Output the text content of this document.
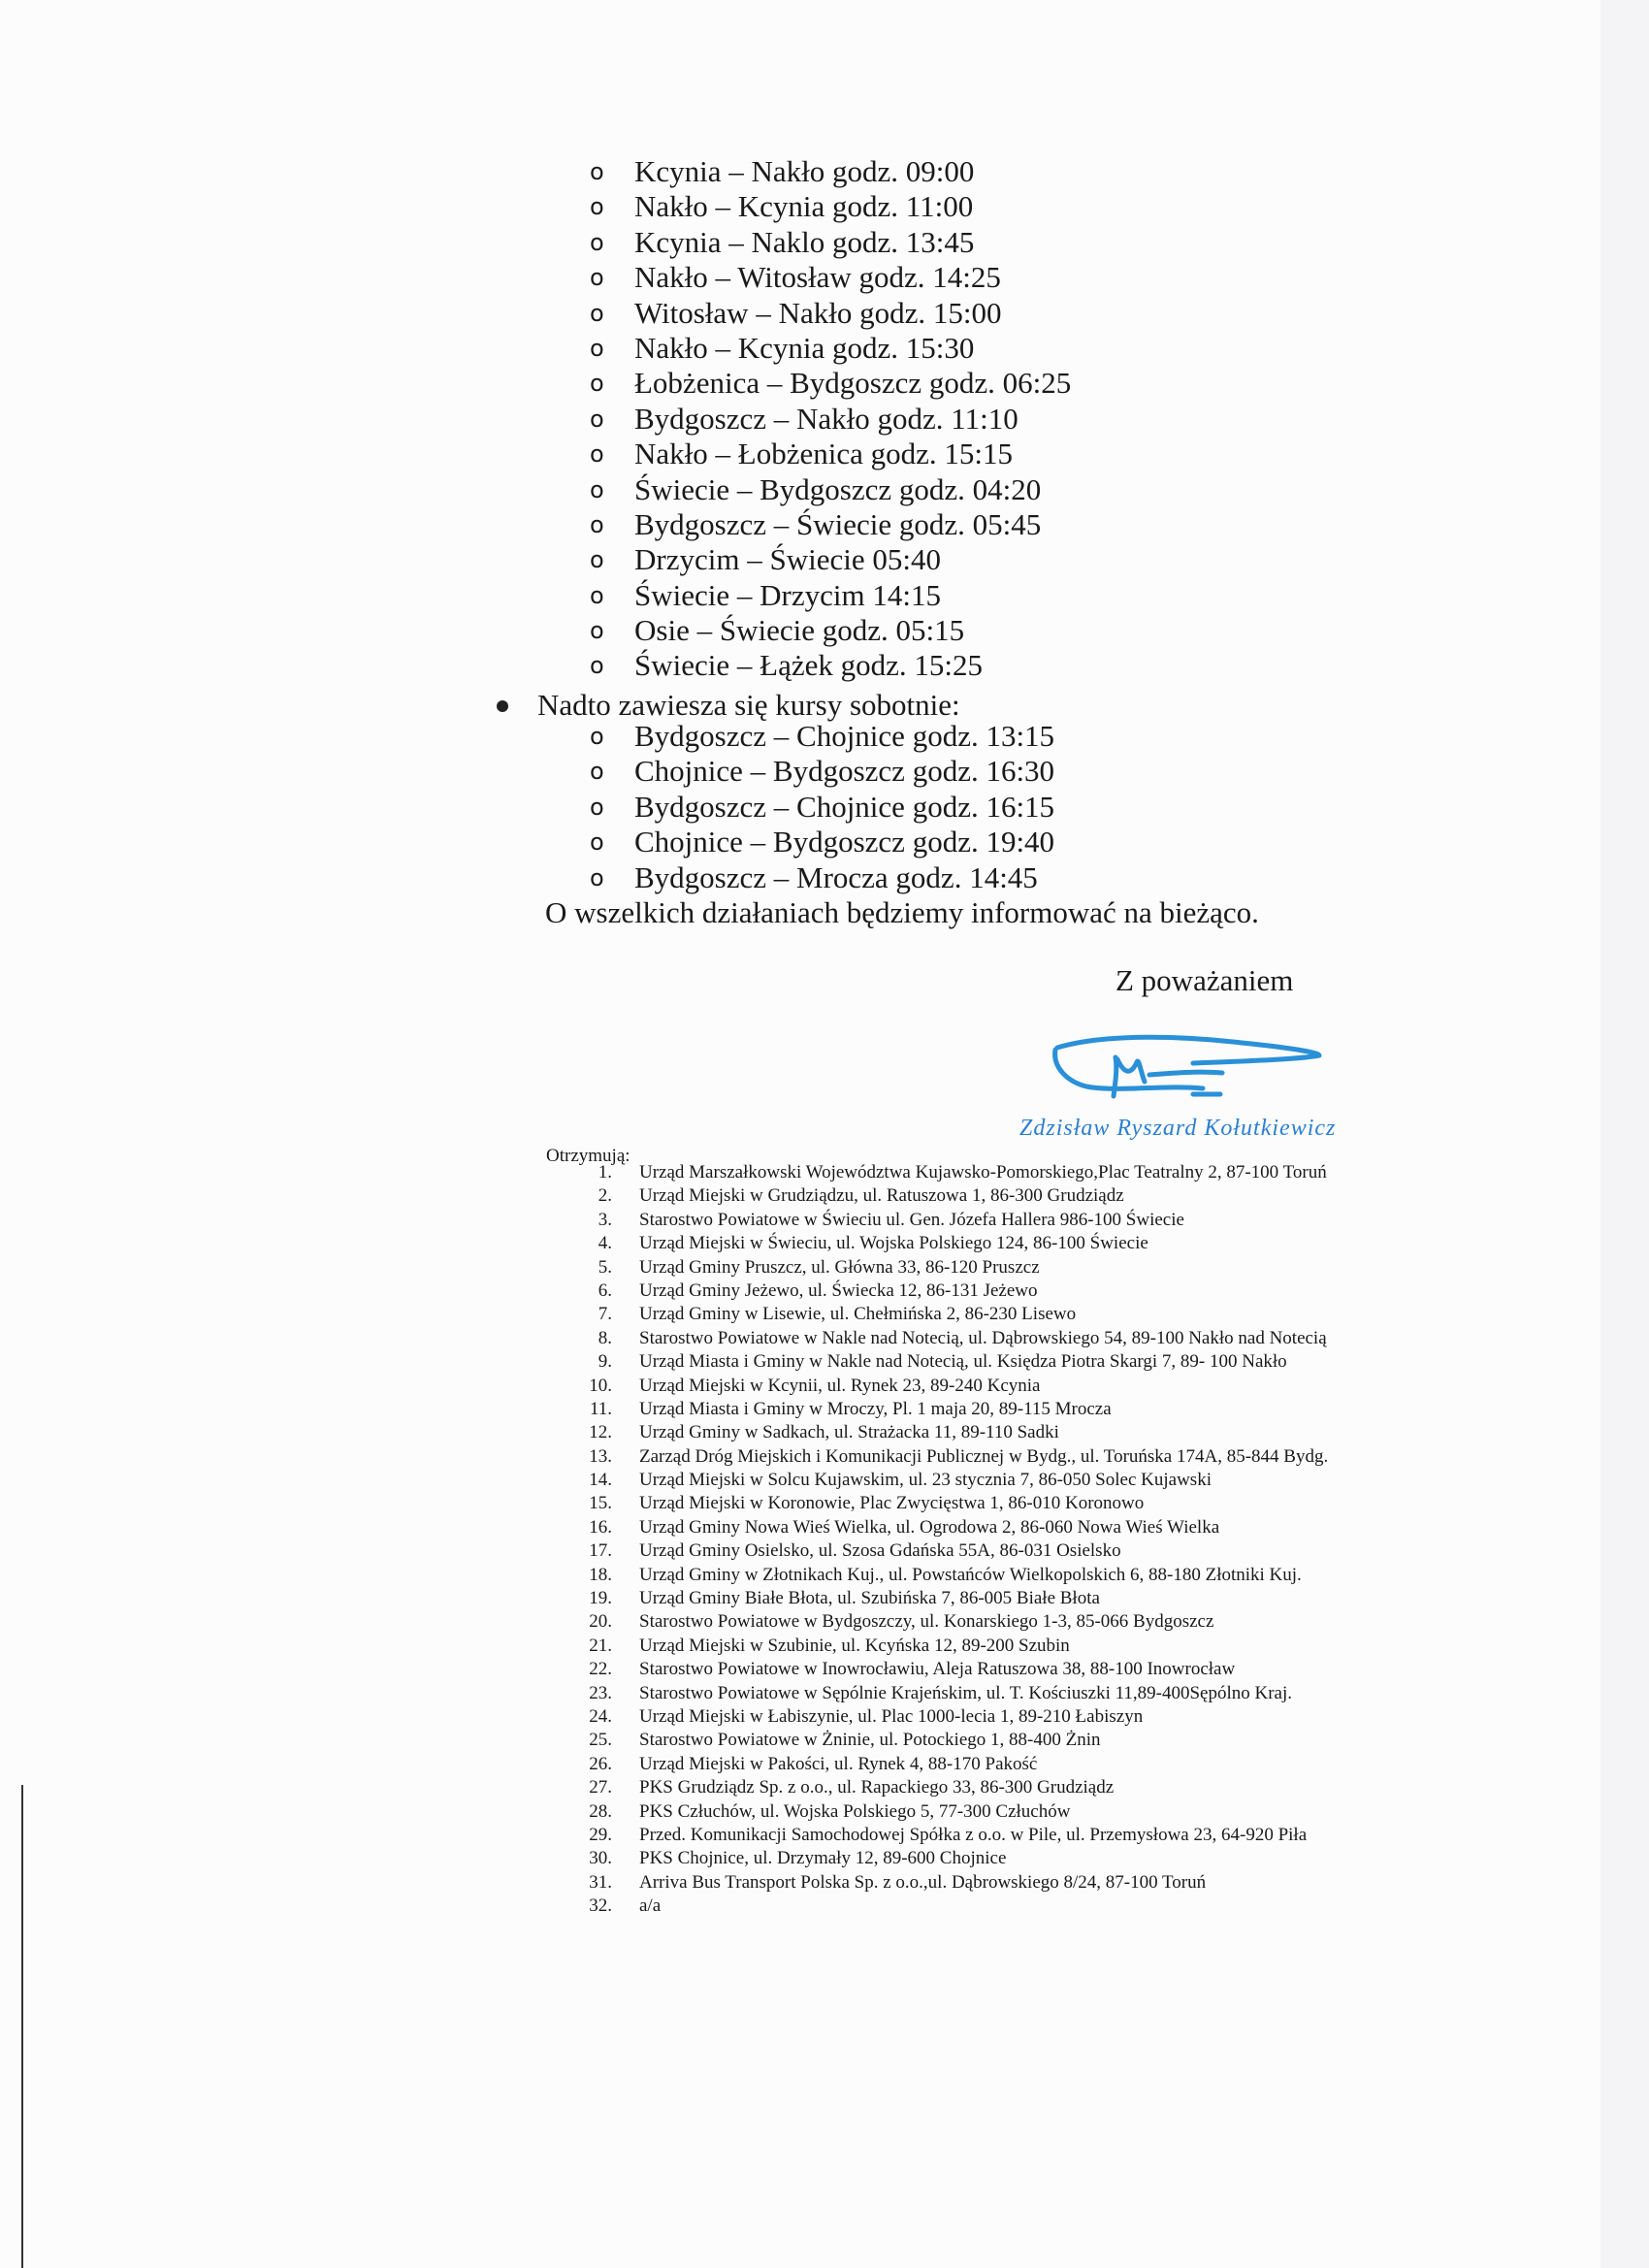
o Kcynia – Nakło godz. 09:00
o Nakło – Kcynia godz. 11:00
o Kcynia – Naklo godz. 13:45
o Nakło – Witosław godz. 14:25
o Witosław – Nakło godz. 15:00
o Nakło – Kcynia godz. 15:30
o Łobżenica – Bydgoszcz godz. 06:25
o Bydgoszcz – Nakło godz. 11:10
o Nakło – Łobżenica godz. 15:15
o Świecie – Bydgoszcz godz. 04:20
o Bydgoszcz – Świecie godz. 05:45
o Drzycim – Świecie 05:40
o Świecie – Drzycim 14:15
o Osie – Świecie godz. 05:15
o Świecie – Łążek godz. 15:25
Nadto zawiesza się kursy sobotnie:
o Bydgoszcz – Chojnice godz. 13:15
o Chojnice – Bydgoszcz godz. 16:30
o Bydgoszcz – Chojnice godz. 16:15
o Chojnice – Bydgoszcz godz. 19:40
o Bydgoszcz – Mrocza godz. 14:45
O wszelkich działaniach będziemy informować na bieżąco.
Z poważaniem
Zdzisław Ryszard Kołutkiewicz
Otrzymują:
1. Urząd Marszałkowski Województwa Kujawsko-Pomorskiego,Plac Teatralny 2, 87-100 Toruń
2. Urząd Miejski w Grudziądzu, ul. Ratuszowa 1, 86-300 Grudziądz
3. Starostwo Powiatowe w Świeciu ul. Gen. Józefa Hallera 986-100 Świecie
4. Urząd Miejski w Świeciu, ul. Wojska Polskiego 124, 86-100 Świecie
5. Urząd Gminy Pruszcz, ul. Główna 33, 86-120 Pruszcz
6. Urząd Gminy Jeżewo, ul. Świecka 12, 86-131 Jeżewo
7. Urząd Gminy w Lisewie, ul. Chełmińska 2, 86-230 Lisewo
8. Starostwo Powiatowe w Nakle nad Notecią, ul. Dąbrowskiego 54, 89-100 Nakło nad Notecią
9. Urząd Miasta i Gminy w Nakle nad Notecią, ul. Księdza Piotra Skargi 7, 89- 100 Nakło
10. Urząd Miejski w Kcynii, ul. Rynek 23, 89-240 Kcynia
11. Urząd Miasta i Gminy w Mroczy, Pl. 1 maja 20, 89-115 Mrocza
12. Urząd Gminy w Sadkach, ul. Strażacka 11, 89-110 Sadki
13. Zarząd Dróg Miejskich i Komunikacji Publicznej w Bydg., ul. Toruńska 174A, 85-844 Bydg.
14. Urząd Miejski w Solcu Kujawskim, ul. 23 stycznia 7, 86-050 Solec Kujawski
15. Urząd Miejski w Koronowie, Plac Zwycięstwa 1, 86-010 Koronowo
16. Urząd Gminy Nowa Wieś Wielka, ul. Ogrodowa 2, 86-060 Nowa Wieś Wielka
17. Urząd Gminy Osielsko, ul. Szosa Gdańska 55A, 86-031 Osielsko
18. Urząd Gminy w Złotnikach Kuj., ul. Powstańców Wielkopolskich 6, 88-180 Złotniki Kuj.
19. Urząd Gminy Białe Błota, ul. Szubińska 7, 86-005 Białe Błota
20. Starostwo Powiatowe w Bydgoszczy, ul. Konarskiego 1-3, 85-066 Bydgoszcz
21. Urząd Miejski w Szubinie, ul. Kcyńska 12, 89-200 Szubin
22. Starostwo Powiatowe w Inowrocławiu, Aleja Ratuszowa 38, 88-100 Inowrocław
23. Starostwo Powiatowe w Sępólnie Krajeńskim, ul. T. Kościuszki 11,89-400Sępólno Kraj.
24. Urząd Miejski w Łabiszynie, ul. Plac 1000-lecia 1, 89-210 Łabiszyn
25. Starostwo Powiatowe w Żninie, ul. Potockiego 1, 88-400 Żnin
26. Urząd Miejski w Pakości, ul. Rynek 4, 88-170 Pakość
27. PKS Grudziądz Sp. z o.o., ul. Rapackiego 33, 86-300 Grudziądz
28. PKS Człuchów, ul. Wojska Polskiego 5, 77-300 Człuchów
29. Przed. Komunikacji Samochodowej Spółka z o.o. w Pile, ul. Przemysłowa 23, 64-920 Piła
30. PKS Chojnice, ul. Drzymały 12, 89-600 Chojnice
31. Arriva Bus Transport Polska Sp. z o.o.,ul. Dąbrowskiego 8/24, 87-100 Toruń
32. a/a
